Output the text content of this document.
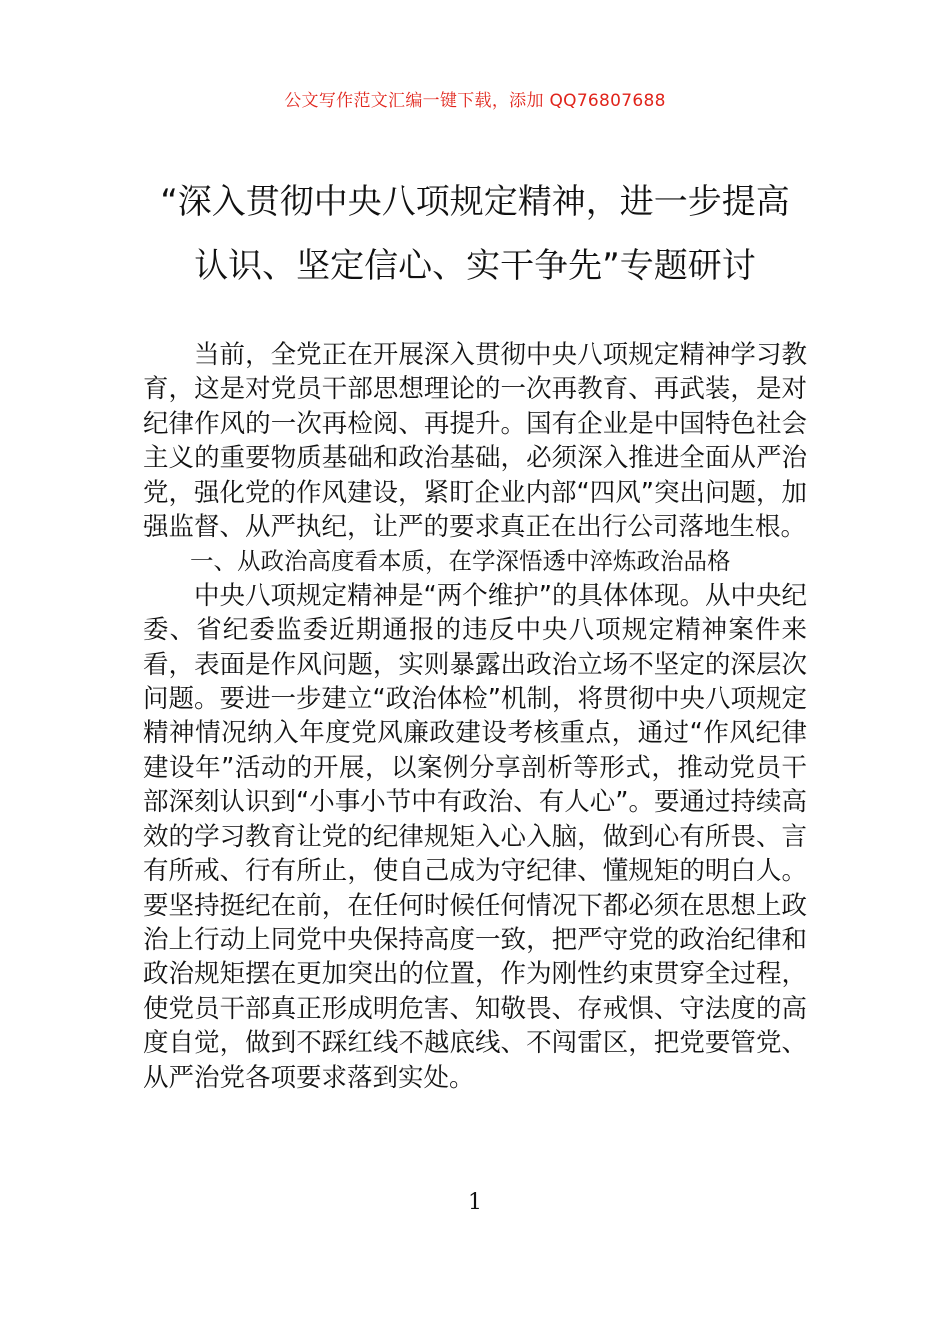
公文写作范文汇编一键下载，添加 QQ76807688
“深入贯彻中央八项规定精神，进一步提高
认识、坚定信心、实干争先”专题研讨

当前，全党正在开展深入贯彻中央八项规定精神学习教育，这是对党员干部思想理论的一次再教育、再武装，是对纪律作风的一次再检阅、再提升。国有企业是中国特色社会主义的重要物质基础和政治基础，必须深入推进全面从严治党，强化党的作风建设，紧盯企业内部“四风”突出问题，加强监督、从严执纪，让严的要求真正在出行公司落地生根。

一、从政治高度看本质，在学深悟透中淬炼政治品格

中央八项规定精神是“两个维护”的具体体现。从中央纪委、省纪委监委近期通报的违反中央八项规定精神案件来看，表面是作风问题，实则暴露出政治立场不坚定的深层次问题。要进一步建立“政治体检”机制，将贯彻中央八项规定精神情况纳入年度党风廉政建设考核重点，通过“作风纪律建设年”活动的开展，以案例分享剖析等形式，推动党员干部深刻认识到“小事小节中有政治、有人心”。要通过持续高效的学习教育让党的纪律规矩入心入脑，做到心有所畏、言有所戒、行有所止，使自己成为守纪律、懂规矩的明白人。要坚持挺纪在前，在任何时候任何情况下都必须在思想上政治上行动上同党中央保持高度一致，把严守党的政治纪律和政治规矩摆在更加突出的位置，作为刚性约束贯穿全过程，使党员干部真正形成明危害、知敬畏、存戒惧、守法度的高度自觉，做到不踩红线不越底线、不闯雷区，把党要管党、从严治党各项要求落到实处。

1
